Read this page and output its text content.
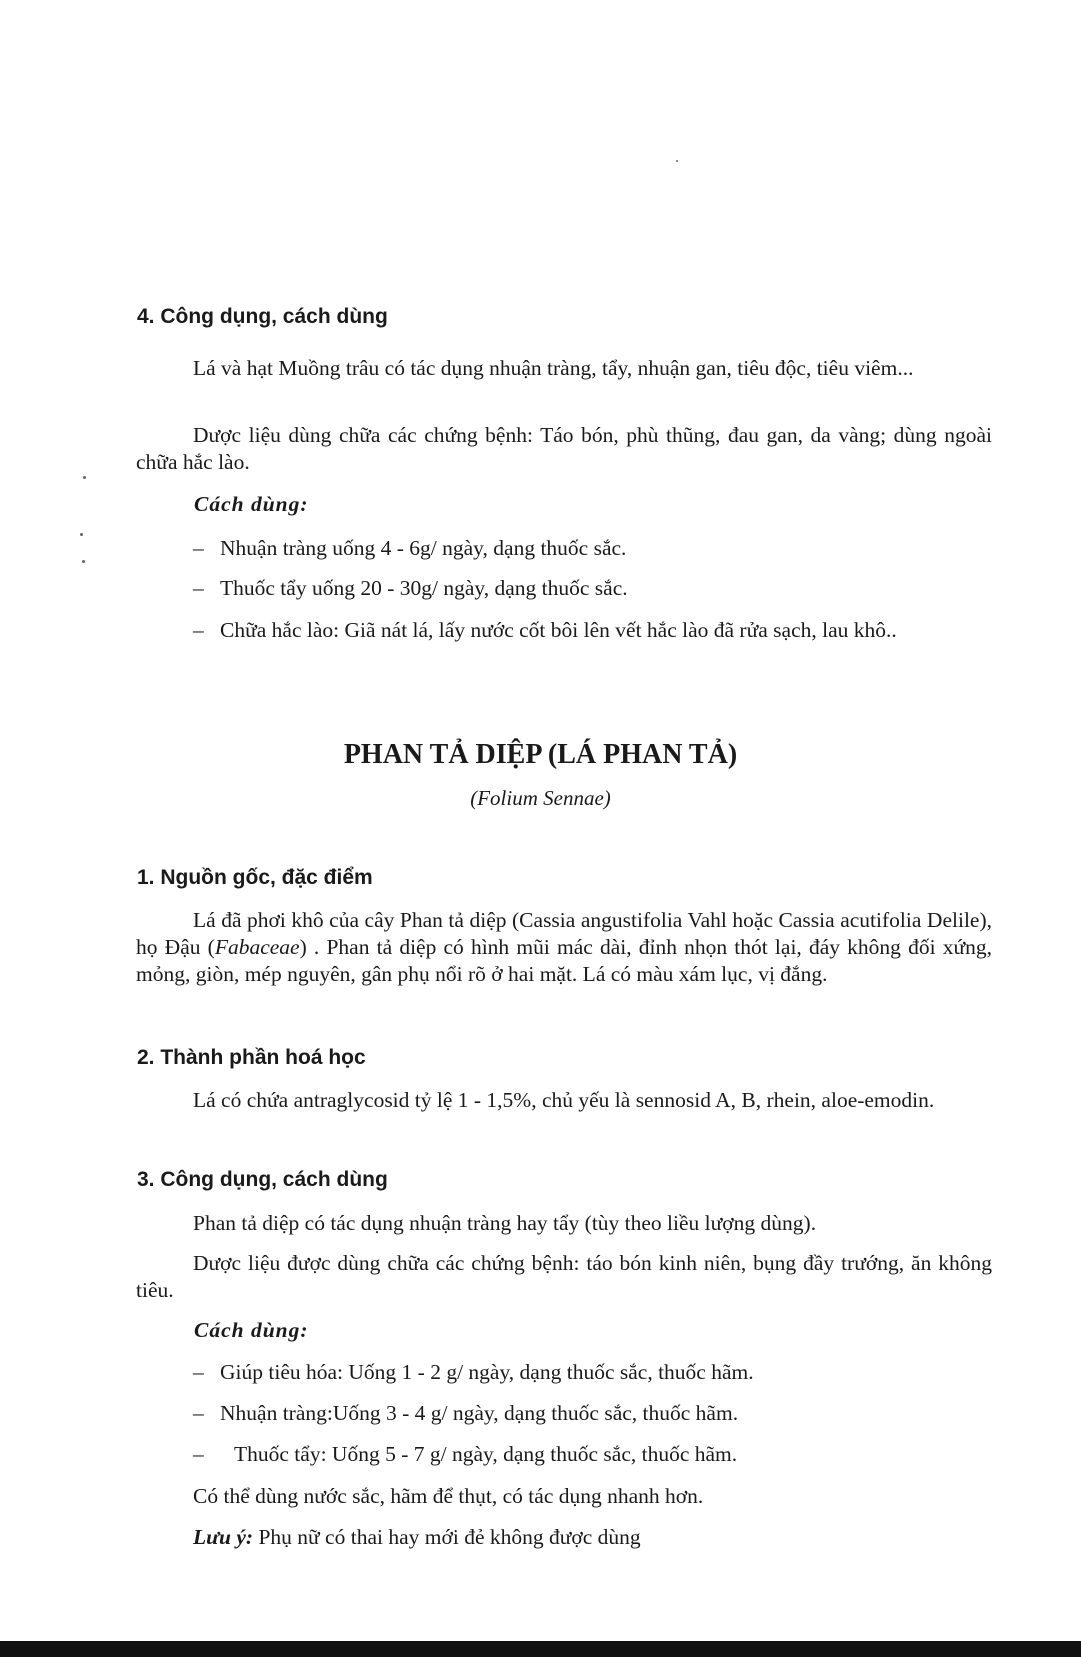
4. Công dụng, cách dùng
Lá và hạt Muồng trâu có tác dụng nhuận tràng, tẩy, nhuận gan, tiêu độc, tiêu viêm...
Dược liệu dùng chữa các chứng bệnh: Táo bón, phù thũng, đau gan, da vàng; dùng ngoài chữa hắc lào.
Cách dùng:
– Nhuận tràng uống 4 - 6g/ ngày, dạng thuốc sắc.
– Thuốc tẩy uống 20 - 30g/ ngày, dạng thuốc sắc.
– Chữa hắc lào: Giã nát lá, lấy nước cốt bôi lên vết hắc lào đã rửa sạch, lau khô..
PHAN TẢ DIỆP (LÁ PHAN TẢ)
(Folium Sennae)
1. Nguồn gốc, đặc điểm
Lá đã phơi khô của cây Phan tả diệp (Cassia angustifolia Vahl hoặc Cassia acutifolia Delile), họ Đậu (Fabaceae) . Phan tả diệp có hình mũi mác dài, đỉnh nhọn thót lại, đáy không đối xứng, mỏng, giòn, mép nguyên, gân phụ nổi rõ ở hai mặt. Lá có màu xám lục, vị đắng.
2. Thành phần hoá học
Lá có chứa antraglycosid tỷ lệ 1 - 1,5%, chủ yếu là sennosid A, B, rhein, aloe-emodin.
3. Công dụng, cách dùng
Phan tả diệp có tác dụng nhuận tràng hay tẩy (tùy theo liều lượng dùng).
Dược liệu được dùng chữa các chứng bệnh: táo bón kinh niên, bụng đầy trướng, ăn không tiêu.
Cách dùng:
– Giúp tiêu hóa: Uống 1 - 2 g/ ngày, dạng thuốc sắc, thuốc hãm.
– Nhuận tràng:Uống 3 - 4 g/ ngày, dạng thuốc sắc, thuốc hãm.
–	Thuốc tẩy: Uống 5 - 7 g/ ngày, dạng thuốc sắc, thuốc hãm.
Có thể dùng nước sắc, hãm để thụt, có tác dụng nhanh hơn.
Lưu ý: Phụ nữ có thai hay mới đẻ không được dùng
